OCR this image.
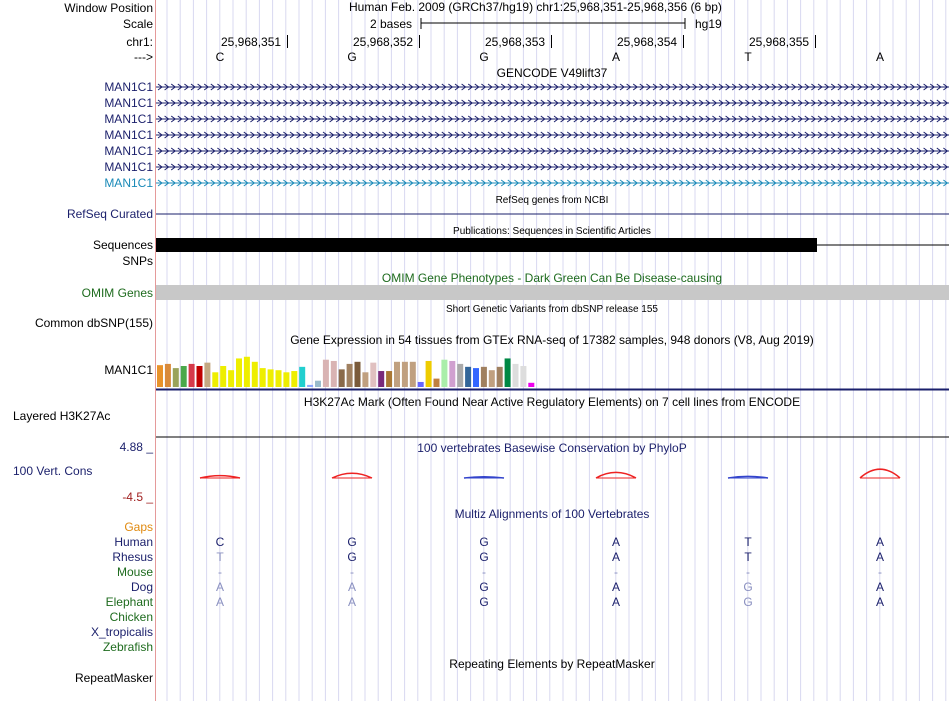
Window Position	Human Feb. 2009 (GRCh37/hg19) chr1:25,968,351-25,968,356 (6 bp)
Scale	2 bases	hg19
chr1:
--->
GENCODE V49lift37
RefSeq genes from NCBI
RefSeq Curated
Publications: Sequences in Scientific Articles
Sequences
SNPs
OMIM Gene Phenotypes - Dark Green Can Be Disease-causing
OMIM Genes
Short Genetic Variants from dbSNP release 155
Common dbSNP(155)
Gene Expression in 54 tissues from GTEx RNA-seq of 17382 samples, 948 donors (V8, Aug 2019)
MAN1C1
H3K27Ac Mark (Often Found Near Active Regulatory Elements) on 7 cell lines from ENCODE
Layered H3K27Ac
4.88 _	100 vertebrates Basewise Conservation by PhyloP
100 Vert. Cons
-4.5 _
Multiz Alignments of 100 Vertebrates
Gaps
Repeating Elements by RepeatMasker
RepeatMasker
25,968,351	25,968,352	25,968,353	25,968,354	25,968,355
C	G	G	A	T	A
MAN1C1
MAN1C1
MAN1C1
MAN1C1
MAN1C1
MAN1C1
MAN1C1
Human	C	G	G	A	T	A
Rhesus	T	G	G	A	T	A
Mouse	-	-	-	-	-	-
Dog	A	A	G	A	G	A
Elephant	A	A	G	A	G	A
Chicken
X_tropicalis
Zebrafish
